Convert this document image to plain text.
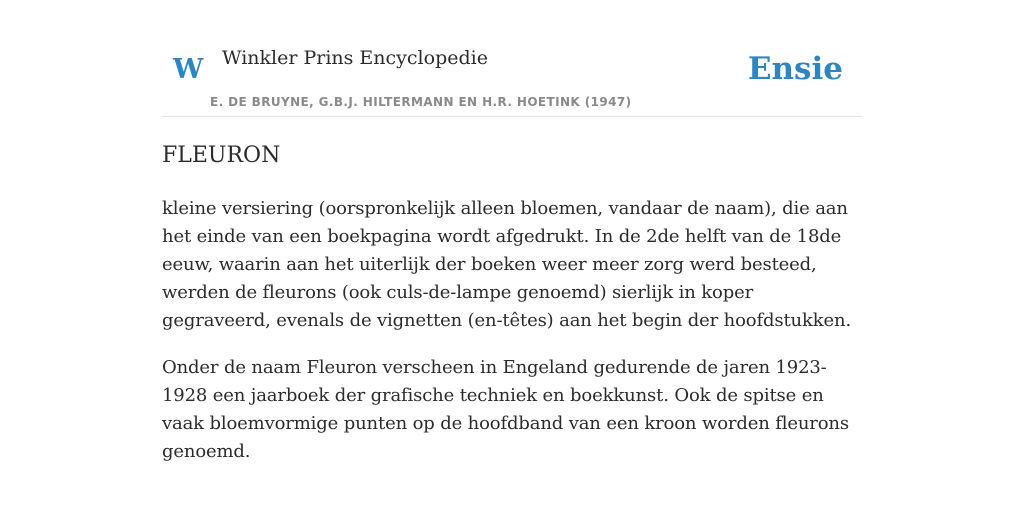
W Winkler Prins Encyclopedie
E. DE BRUYNE, G.B.J. HILTERMANN EN H.R. HOETINK (1947)
Ensie
FLEURON

kleine versiering (oorspronkelijk alleen bloemen, vandaar de naam), die aan het einde van een boekpagina wordt afgedrukt. In de 2de helft van de 18de eeuw, waarin aan het uiterlijk der boeken weer meer zorg werd besteed, werden de fleurons (ook culs-de-lampe genoemd) sierlijk in koper gegraveerd, evenals de vignetten (en-têtes) aan het begin der hoofdstukken.

Onder de naam Fleuron verscheen in Engeland gedurende de jaren 1923-1928 een jaarboek der grafische techniek en boekkunst. Ook de spitse en vaak bloemvormige punten op de hoofdband van een kroon worden fleurons genoemd.
